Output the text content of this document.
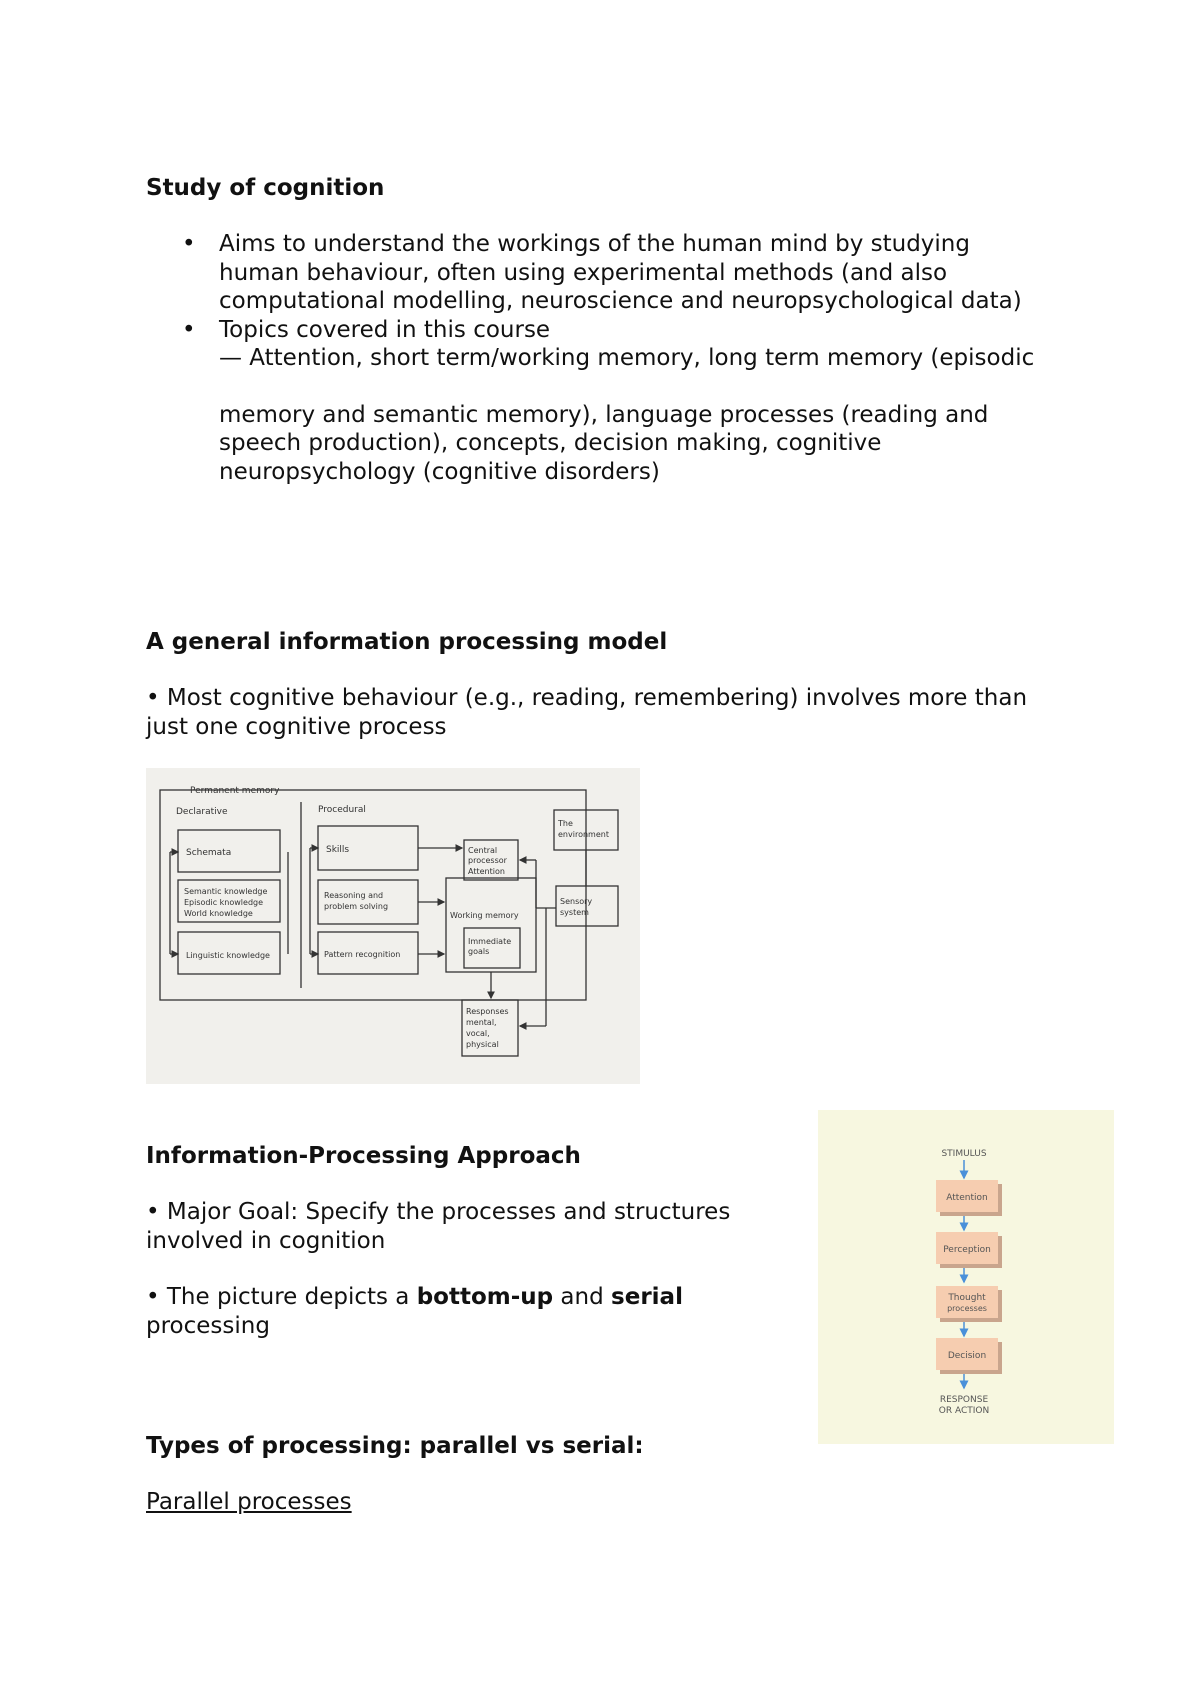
Study of cognition

• Aims to understand the workings of the human mind by studying human behaviour, often using experimental methods (and also computational modelling, neuroscience and neuropsychological data)
• Topics covered in this course
— Attention, short term/working memory, long term memory (episodic
memory and semantic memory), language processes (reading and speech production), concepts, decision making, cognitive neuropsychology (cognitive disorders)

A general information processing model

• Most cognitive behaviour (e.g., reading, remembering) involves more than just one cognitive process

Permanent memory
Declarative	Procedural
Schemata
Semantic knowledge
Episodic knowledge
World knowledge
Linguistic knowledge
Skills
Reasoning and
problem solving
Pattern recognition
Central
processor
Attention
Working memory
Immediate
goals
The
environment
Sensory
system
Responses
mental,
vocal,
physical

Information-Processing Approach

• Major Goal: Specify the processes and structures involved in cognition

• The picture depicts a bottom-up and serial processing

STIMULUS
Attention
Perception
Thought
processes
Decision
RESPONSE
OR ACTION

Types of processing: parallel vs serial:

Parallel processes
